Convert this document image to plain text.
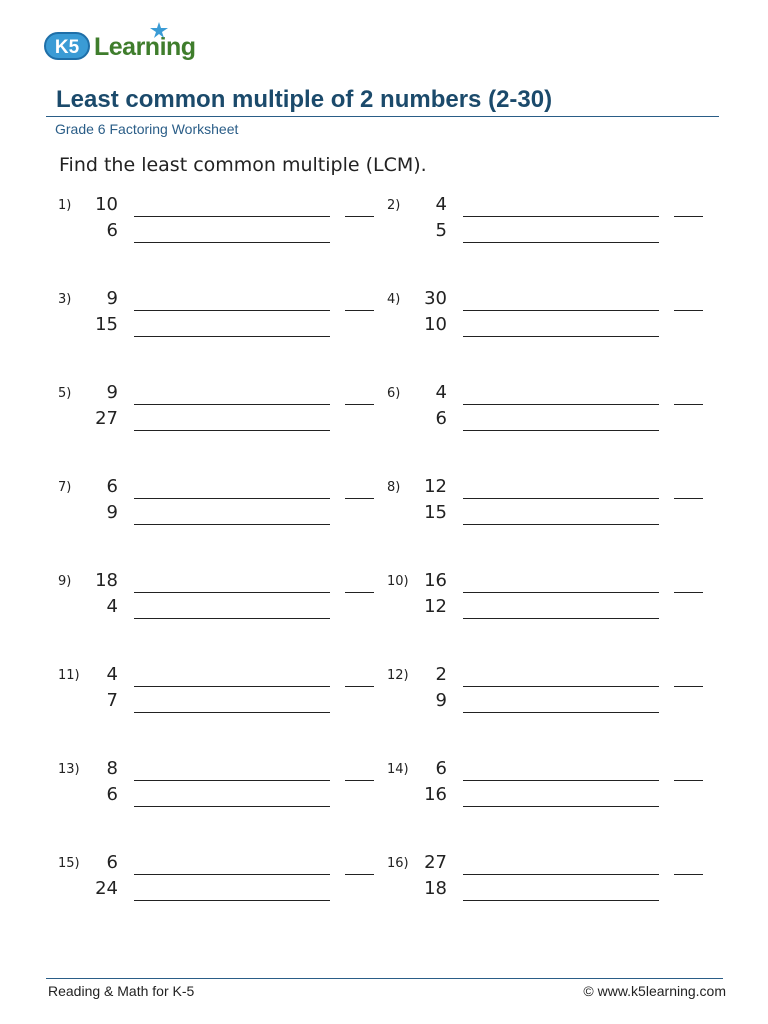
K5 Learning
Least common multiple of 2 numbers (2-30)
Grade 6 Factoring Worksheet
Find the least common multiple (LCM).
1) 10
6
2)	4
5
3)	9
15
4) 30
10
5)	9
27
6)	4
6
7)	6
9
8) 12
15
9) 18
4
10) 16
12
11)	4
7
12)	2
9
13)	8
6
14)	6
16
15)	6
24
16) 27
18
Reading & Math for K-5	© www.k5learning.com
